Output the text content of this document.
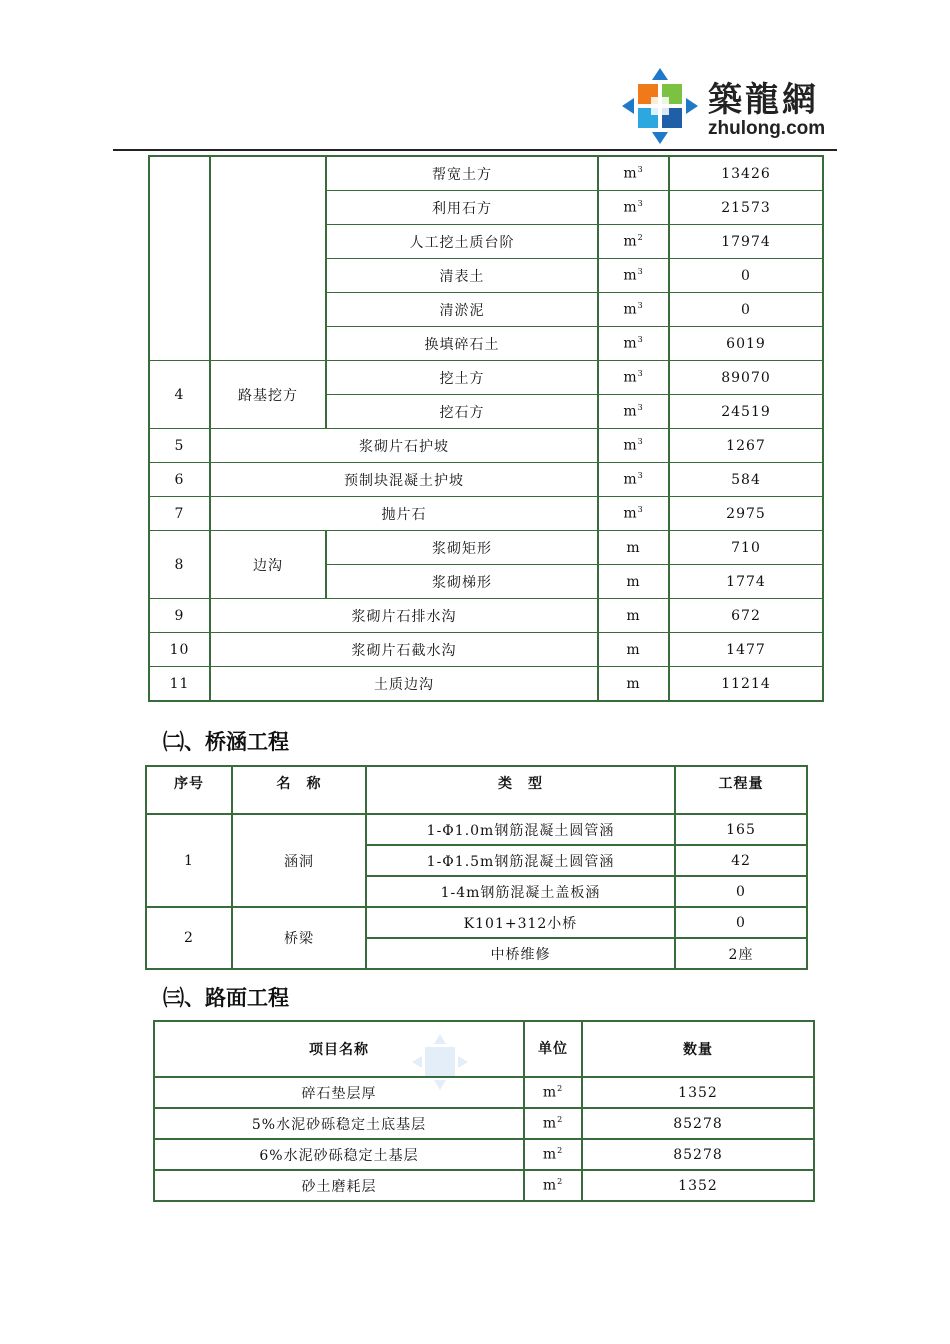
築龍網
zhulong.com
		帮宽土方	$m^3$	13426
		利用石方	$m^3$	21573
		人工挖土质台阶	$m^2$	17974
		清表土	$m^3$	0
		清淤泥	$m^3$	0
		换填碎石土	$m^3$	6019
4	路基挖方	挖土方	$m^3$	89070
		挖石方	$m^3$	24519
5	浆砌片石护坡		$m^3$	1267
6	预制块混凝土护坡		$m^3$	584
7	抛片石		$m^3$	2975
8	边沟	浆砌矩形	m	710
		浆砌梯形	m	1774
9	浆砌片石排水沟		m	672
10	浆砌片石截水沟		m	1477
11	土质边沟		m	11214
㈡、桥涵工程
序号	名　称	类　型	工程量
1	涵洞	1-Φ1.0m钢筋混凝土圆管涵	165
		1-Φ1.5m钢筋混凝土圆管涵	42
		1-4m钢筋混凝土盖板涵	0
2	桥梁	K101+312小桥	0
		中桥维修	2座
㈢、路面工程
项目名称	单位	数量
碎石垫层厚	$m^2$	1352
5%水泥砂砾稳定土底基层	$m^2$	85278
6%水泥砂砾稳定土基层	$m^2$	85278
砂土磨耗层	$m^2$	1352
